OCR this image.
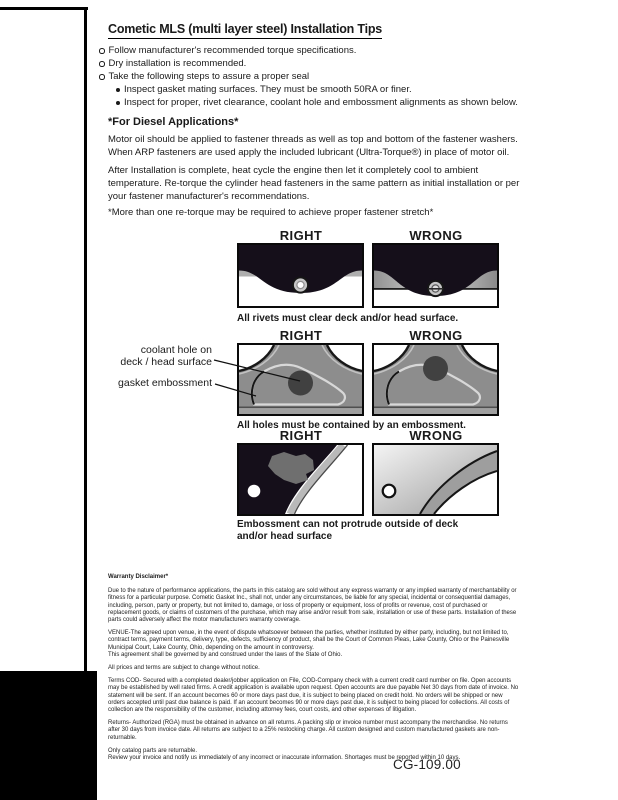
Cometic MLS (multi layer steel) Installation Tips
Follow manufacturer's recommended torque specifications.
Dry installation is recommended.
Take the following steps to assure a proper seal
Inspect gasket mating surfaces. They must be smooth 50RA or finer.
Inspect for proper, rivet clearance, coolant hole and embossment alignments as shown below.
*For Diesel Applications*
Motor oil should be applied to fastener threads as well as top and bottom of the fastener washers. When ARP fasteners are used apply the included lubricant (Ultra-Torque®) in place of motor oil.
After Installation is complete, heat cycle the engine then let it completely cool to ambient temperature. Re-torque the cylinder head fasteners in the same pattern as initial installation or per your fastener manufacturer's recommendations.
*More than one re-torque may be required to achieve proper fastener stretch*
RIGHT	WRONG
All rivets must clear deck and/or head surface.
RIGHT	WRONG
coolant hole on
deck / head surface
gasket embossment
All holes must be contained by an embossment.
RIGHT	WRONG
Embossment can not protrude outside of deck and/or head surface
Warranty Disclaimer*

Due to the nature of performance applications, the parts in this catalog are sold without any express warranty or any implied warranty of merchantability or fitness for a particular purpose. Cometic Gasket Inc., shall not, under any circumstances, be liable for any special, incidental or consequential damages, including, person, party or property, but not limited to, damage, or loss of property or equipment, loss of profits or revenue, cost of purchased or replacement goods, or claims of customers of the purchase, which may arise and/or result from sale, installation or use of these parts. Installation of these parts could adversely affect the motor manufacturers warranty coverage.

VENUE-The agreed upon venue, in the event of dispute whatsoever between the parties, whether instituted by either party, including, but not limited to, contract terms, payment terms, delivery, type, defects, sufficiency of product, shall be the Court of Common Pleas, Lake County, Ohio or the Painesville Municipal Court, Lake County, Ohio, depending on the amount in controversy.
This agreement shall be governed by and construed under the laws of the State of Ohio.

All prices and terms are subject to change without notice.

Terms COD- Secured with a completed dealer/jobber application on File, COD-Company check with a current credit card number on file. Open accounts may be established by well rated firms. A credit application is available upon request. Open accounts are due payable Net 30 days from date of invoice. No statement will be sent. If an account becomes 60 or more days past due, it is subject to being placed on credit hold. No orders will be shipped or new orders accepted until past due balance is paid. If an account becomes 90 or more days past due, it is subject to being placed for collections. All costs of collection are the responsibility of the customer, including attorney fees, court costs, and other expenses of litigation.

Returns- Authorized (RGA) must be obtained in advance on all returns. A packing slip or invoice number must accompany the merchandise. No returns after 30 days from invoice date. All returns are subject to a 25% restocking charge. All custom designed and custom manufactured gaskets are non-returnable.

Only catalog parts are returnable.
Review your invoice and notify us immediately of any incorrect or inaccurate information. Shortages must be reported within 10 days.

CG-109.00
